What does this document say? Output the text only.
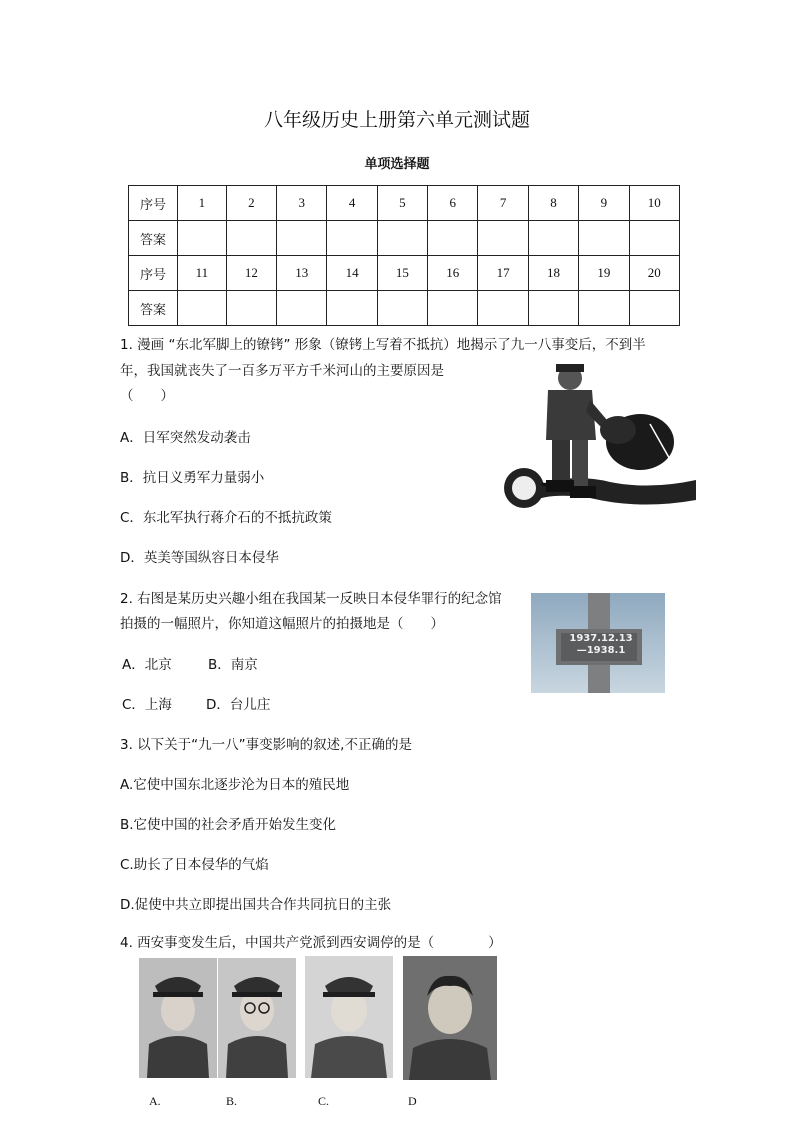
八年级历史上册第六单元测试题
单项选择题
序号	1	2	3	4	5	6	7	8	9	10
答案										
序号	11	12	13	14	15	16	17	18	19	20
答案										
1. 漫画 “东北军脚上的镣铐” 形象（镣铐上写着不抵抗）地揭示了九一八事变后，不到半
年，我国就丧失了一百多万平方千米河山的主要原因是
（　　）
A．日军突然发动袭击
B．抗日义勇军力量弱小
C．东北军执行蒋介石的不抵抗政策
D．英美等国纵容日本侵华
2. 右图是某历史兴趣小组在我国某一反映日本侵华罪行的纪念馆
拍摄的一幅照片，你知道这幅照片的拍摄地是（　　）
A．北京	B．南京
C．上海	D．台儿庄
1937.12.13
—1938.1
3. 以下关于“九一八”事变影响的叙述,不正确的是
A.它使中国东北逐步沦为日本的殖民地
B.它使中国的社会矛盾开始发生变化
C.助长了日本侵华的气焰
D.促使中共立即提出国共合作共同抗日的主张
4. 西安事变发生后，中国共产党派到西安调停的是（　　　　）
A.	B.	C.	D
